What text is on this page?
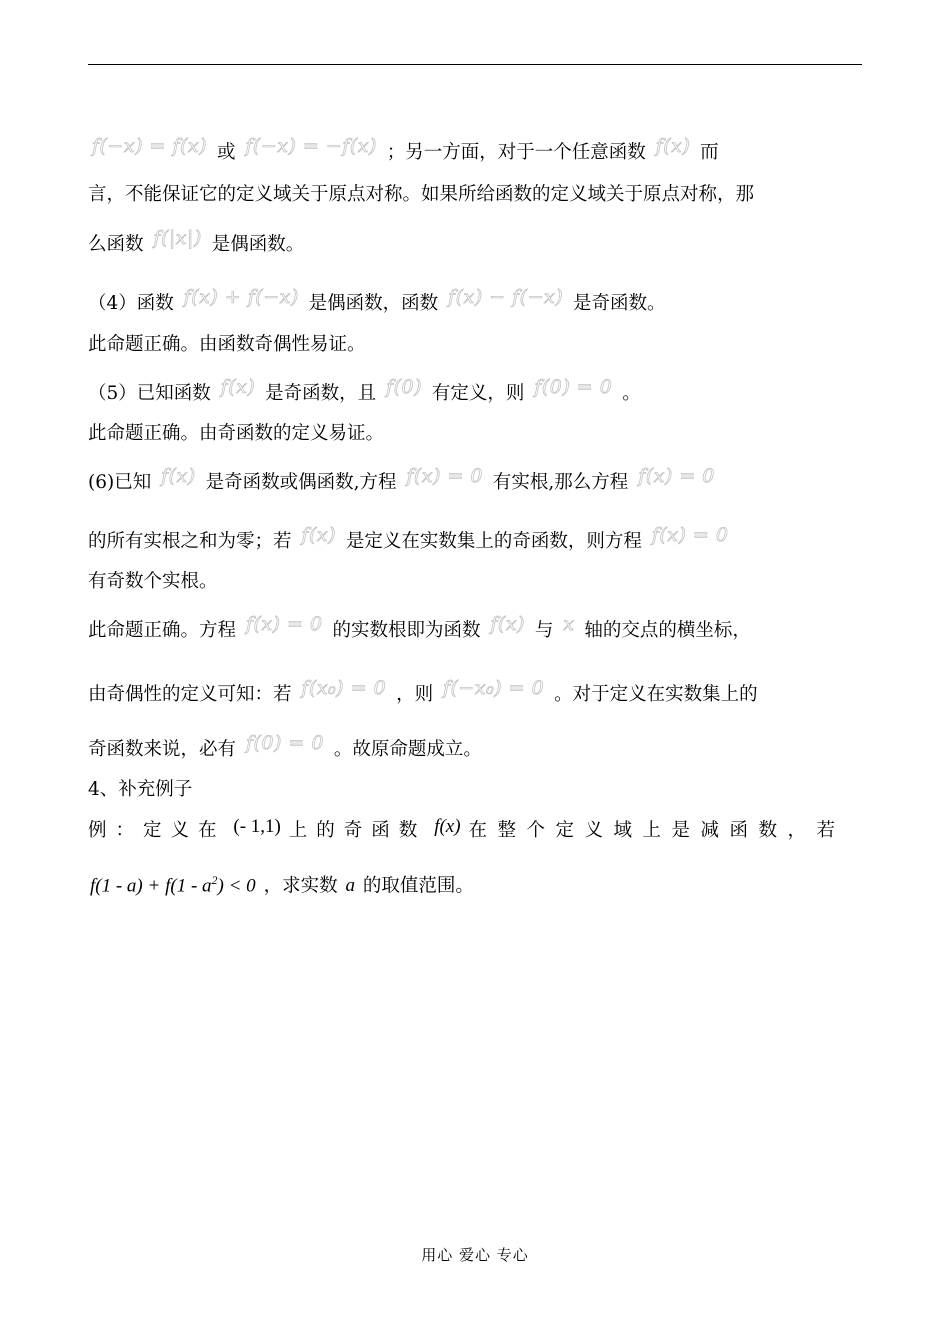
f(−x) = f(x) 或 f(−x) = −f(x) ；另一方面，对于一个任意函数 f(x) 而
言，不能保证它的定义域关于原点对称。如果所给函数的定义域关于原点对称，那
么函数 f(|x|) 是偶函数。
（4）函数 f(x) + f(−x) 是偶函数，函数 f(x) − f(−x) 是奇函数。
此命题正确。由函数奇偶性易证。
（5）已知函数 f(x) 是奇函数，且 f(0) 有定义，则 f(0) = 0 。
此命题正确。由奇函数的定义易证。
(6)已知 f(x) 是奇函数或偶函数,方程 f(x) = 0 有实根,那么方程 f(x) = 0
的所有实根之和为零；若 f(x) 是定义在实数集上的奇函数，则方程 f(x) = 0
有奇数个实根。
此命题正确。方程 f(x) = 0 的实数根即为函数 f(x) 与 x 轴的交点的横坐标，
由奇偶性的定义可知：若 f(x₀) = 0 ，则 f(−x₀) = 0 。对于定义在实数集上的
奇函数来说，必有 f(0) = 0 。故原命题成立。
4、补充例子
例：定义在 (- 1,1) 上的奇函数 f(x) 在整个定义域上是减函数，若
$f(1 - a) + f(1 - a^2) < 0$ ，求实数 a 的取值范围。
用心 爱心 专心
